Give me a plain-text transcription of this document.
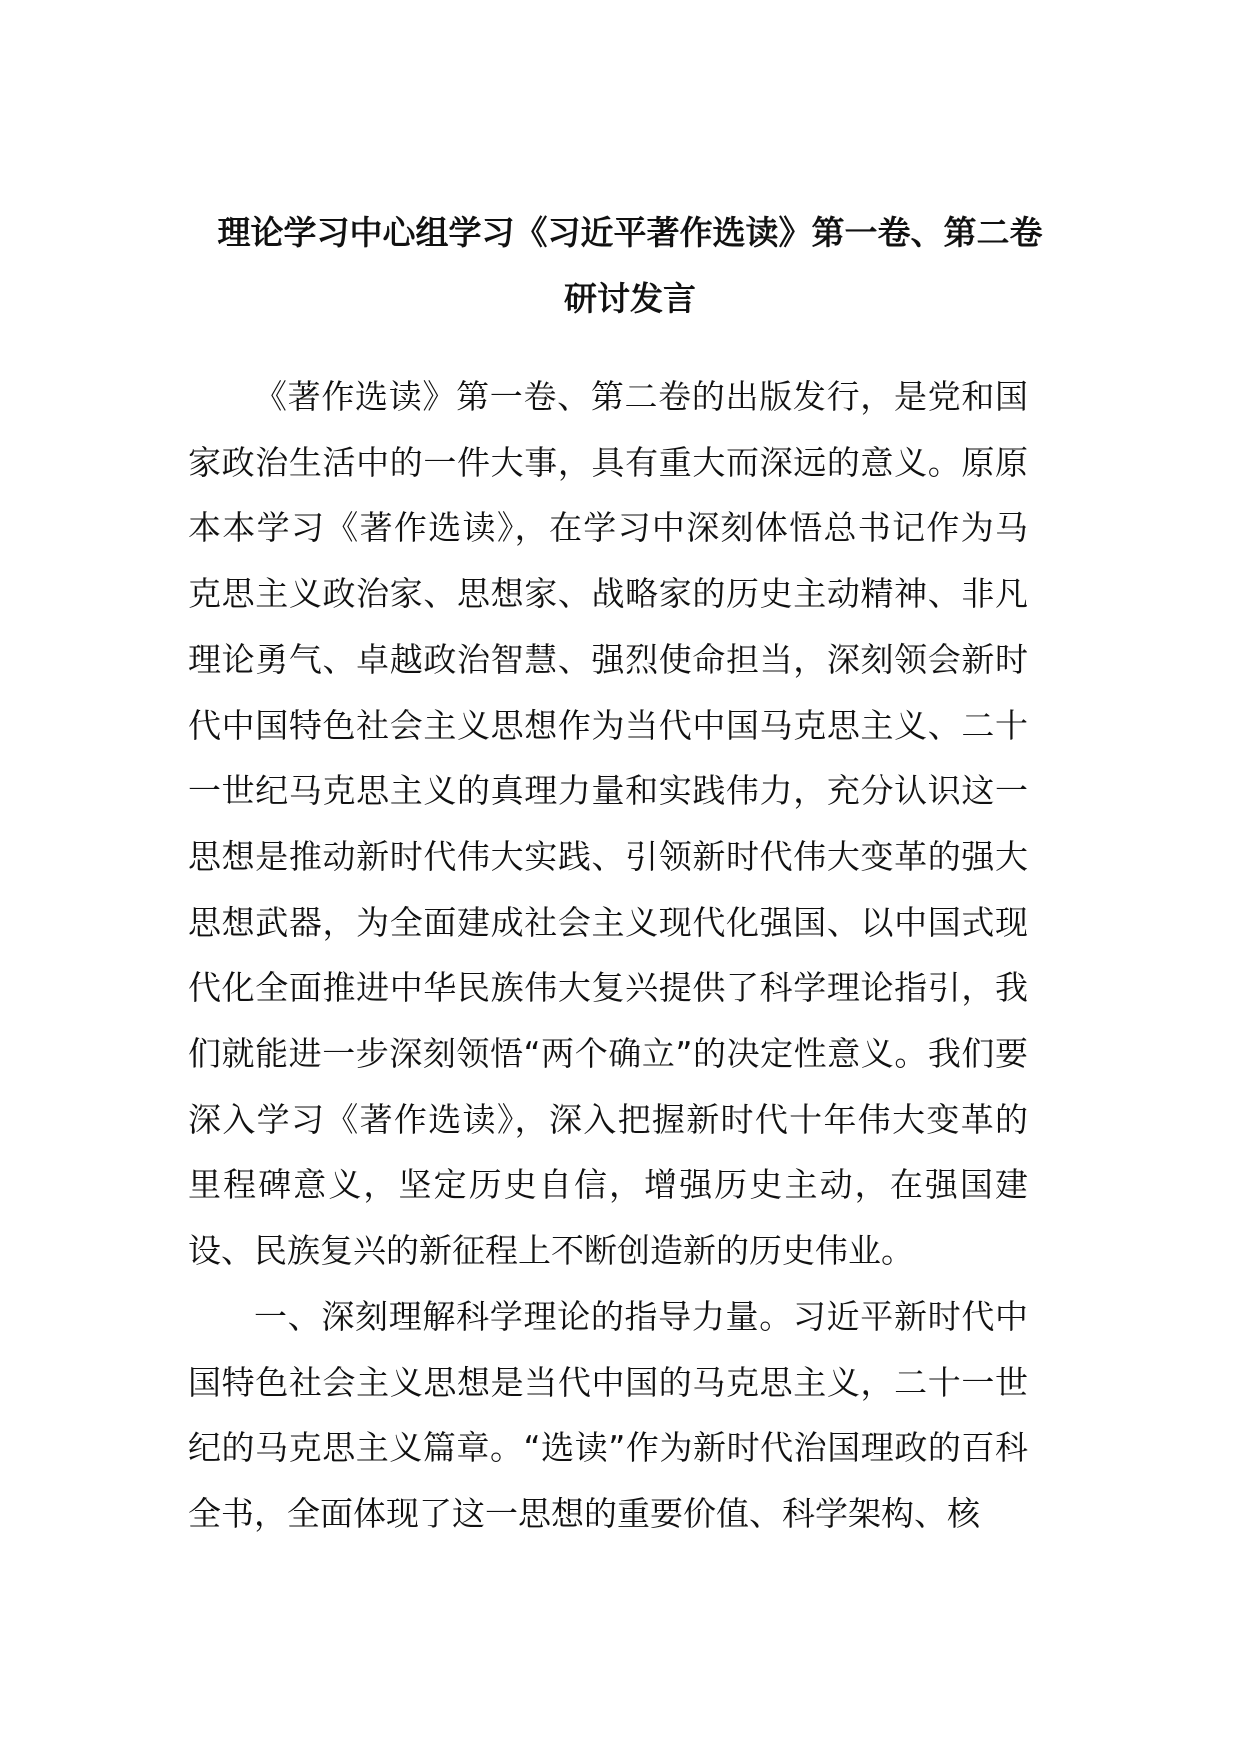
理论学习中心组学习《习近平著作选读》第一卷、第二卷
研讨发言

《著作选读》第一卷、第二卷的出版发行，是党和国家政治生活中的一件大事，具有重大而深远的意义。原原本本学习《著作选读》，在学习中深刻体悟总书记作为马克思主义政治家、思想家、战略家的历史主动精神、非凡理论勇气、卓越政治智慧、强烈使命担当，深刻领会新时代中国特色社会主义思想作为当代中国马克思主义、二十一世纪马克思主义的真理力量和实践伟力，充分认识这一思想是推动新时代伟大实践、引领新时代伟大变革的强大思想武器，为全面建成社会主义现代化强国、以中国式现代化全面推进中华民族伟大复兴提供了科学理论指引，我们就能进一步深刻领悟“两个确立”的决定性意义。我们要深入学习《著作选读》，深入把握新时代十年伟大变革的里程碑意义，坚定历史自信，增强历史主动，在强国建设、民族复兴的新征程上不断创造新的历史伟业。

一、深刻理解科学理论的指导力量。习近平新时代中国特色社会主义思想是当代中国的马克思主义，二十一世纪的马克思主义篇章。“选读”作为新时代治国理政的百科全书，全面体现了这一思想的重要价值、科学架构、核
